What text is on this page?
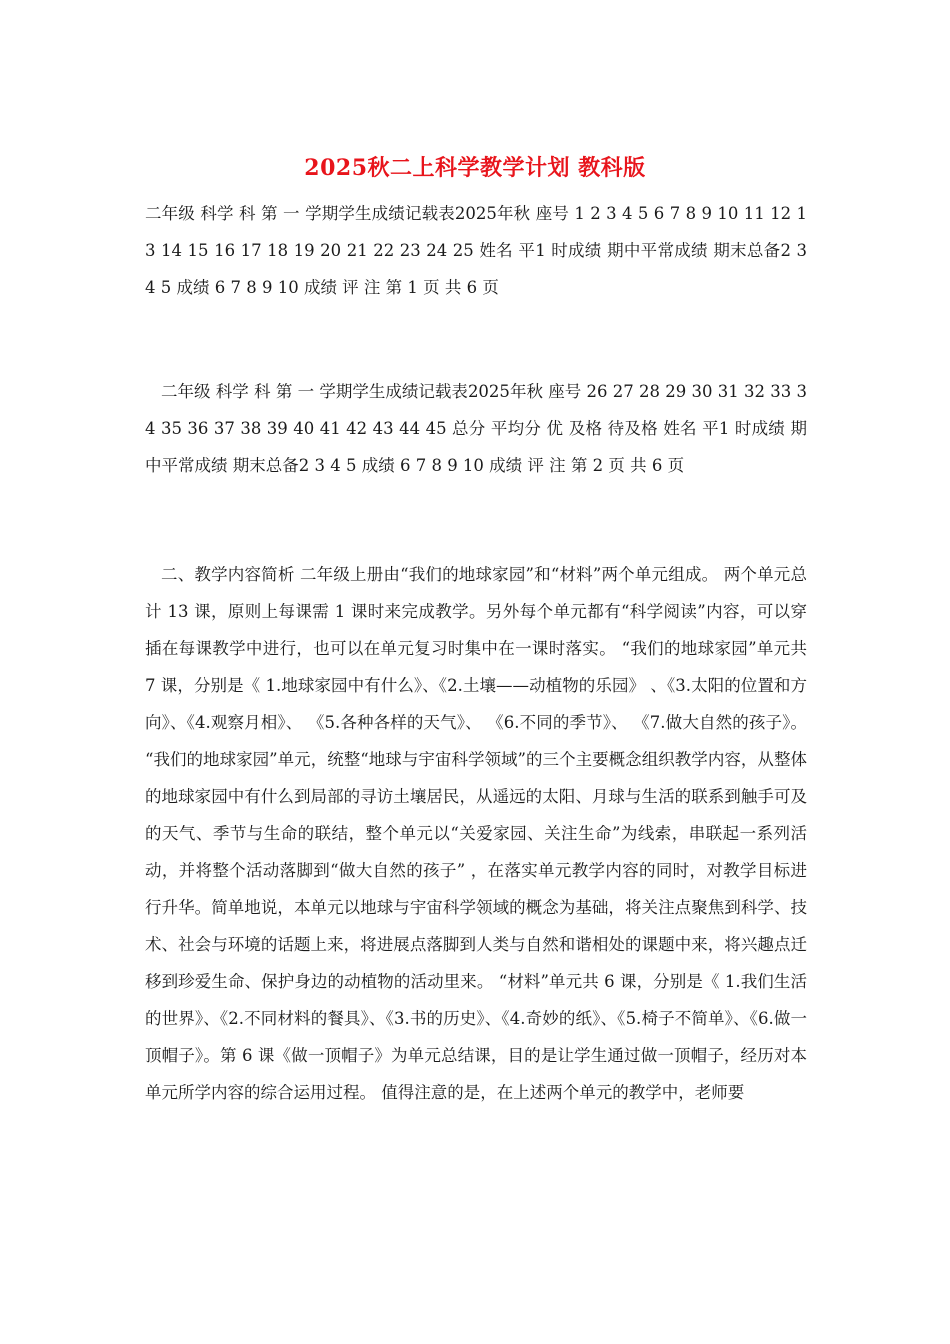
2025秋二上科学教学计划 教科版

二年级 科学 科 第 一 学期学生成绩记载表2025年秋 座号 1 2 3 4 5 6 7 8 9 10 11 12 13 14 15 16 17 18 19 20 21 22 23 24 25 姓名 平1 时成绩 期中平常成绩 期末总备2 3 4 5 成绩 6 7 8 9 10 成绩 评 注 第 1 页 共 6 页

二年级 科学 科 第 一 学期学生成绩记载表2025年秋 座号 26 27 28 29 30 31 32 33 34 35 36 37 38 39 40 41 42 43 44 45 总分 平均分 优 及格 待及格 姓名 平1 时成绩 期中平常成绩 期末总备2 3 4 5 成绩 6 7 8 9 10 成绩 评 注 第 2 页 共 6 页

二、教学内容简析 二年级上册由“我们的地球家园”和“材料”两个单元组成。 两个单元总计 13 课，原则上每课需 1 课时来完成教学。另外每个单元都有“科学阅读”内容，可以穿插在每课教学中进行，也可以在单元复习时集中在一课时落实。 “我们的地球家园”单元共 7 课，分别是《 1.地球家园中有什么》、《2.土壤——动植物的乐园》 、《3.太阳的位置和方向》、《4.观察月相》、 《5.各种各样的天气》、 《6.不同的季节》、 《7.做大自然的孩子》。 “我们的地球家园”单元，统整“地球与宇宙科学领域”的三个主要概念组织教学内容，从整体的地球家园中有什么到局部的寻访土壤居民，从遥远的太阳、月球与生活的联系到触手可及的天气、季节与生命的联结，整个单元以“关爱家园、关注生命”为线索，串联起一系列活动，并将整个活动落脚到“做大自然的孩子” ，在落实单元教学内容的同时，对教学目标进行升华。简单地说，本单元以地球与宇宙科学领域的概念为基础，将关注点聚焦到科学、技术、社会与环境的话题上来，将进展点落脚到人类与自然和谐相处的课题中来，将兴趣点迁移到珍爱生命、保护身边的动植物的活动里来。 “材料”单元共 6 课，分别是《 1.我们生活的世界》、《2.不同材料的餐具》、《3.书的历史》、《4.奇妙的纸》、《5.椅子不简单》、《6.做一顶帽子》。第 6 课《做一顶帽子》为单元总结课，目的是让学生通过做一顶帽子，经历对本单元所学内容的综合运用过程。 值得注意的是，在上述两个单元的教学中，老师要
